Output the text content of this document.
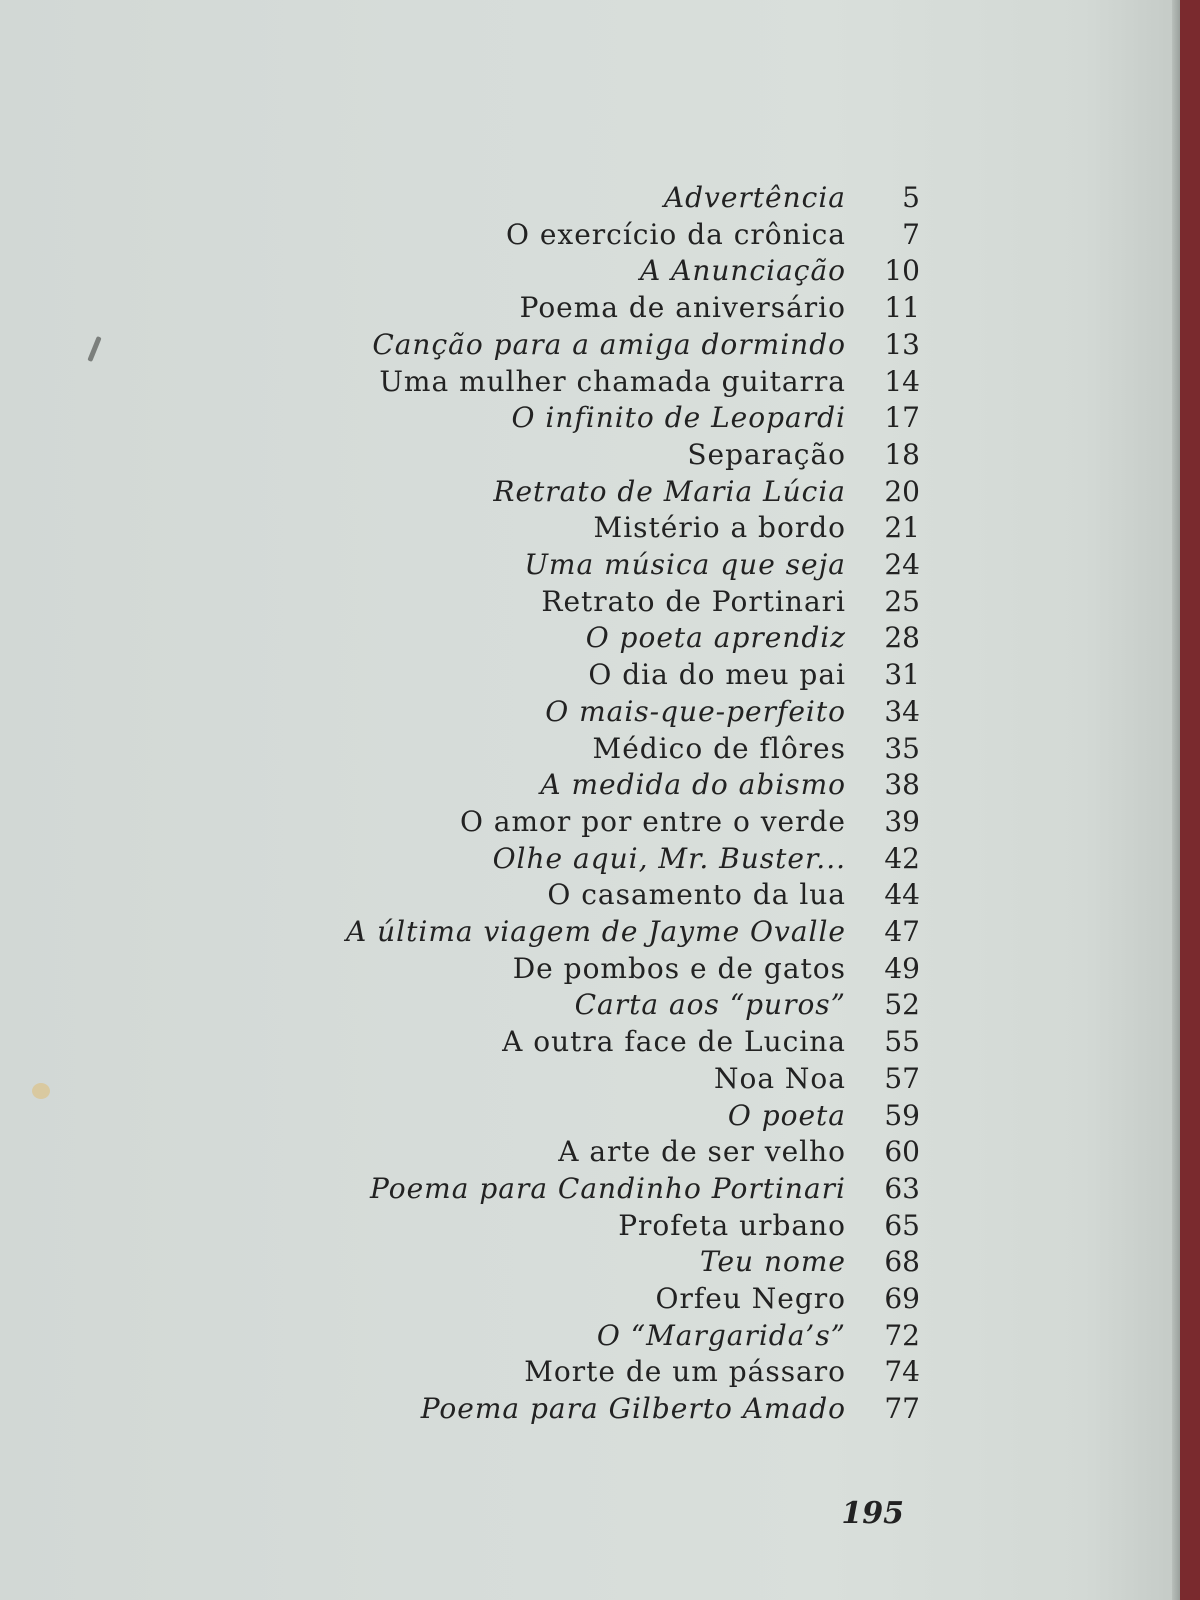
Advertência	5
O exercício da crônica	7
A Anunciação	10
Poema de aniversário	11
Canção para a amiga dormindo	13
Uma mulher chamada guitarra	14
O infinito de Leopardi	17
Separação	18
Retrato de Maria Lúcia	20
Mistério a bordo	21
Uma música que seja	24
Retrato de Portinari	25
O poeta aprendiz	28
O dia do meu pai	31
O mais-que-perfeito	34
Médico de flôres	35
A medida do abismo	38
O amor por entre o verde	39
Olhe aqui, Mr. Buster...	42
O casamento da lua	44
A última viagem de Jayme Ovalle	47
De pombos e de gatos	49
Carta aos “puros”	52
A outra face de Lucina	55
Noa Noa	57
O poeta	59
A arte de ser velho	60
Poema para Candinho Portinari	63
Profeta urbano	65
Teu nome	68
Orfeu Negro	69
O “Margarida’s”	72
Morte de um pássaro	74
Poema para Gilberto Amado	77
195
